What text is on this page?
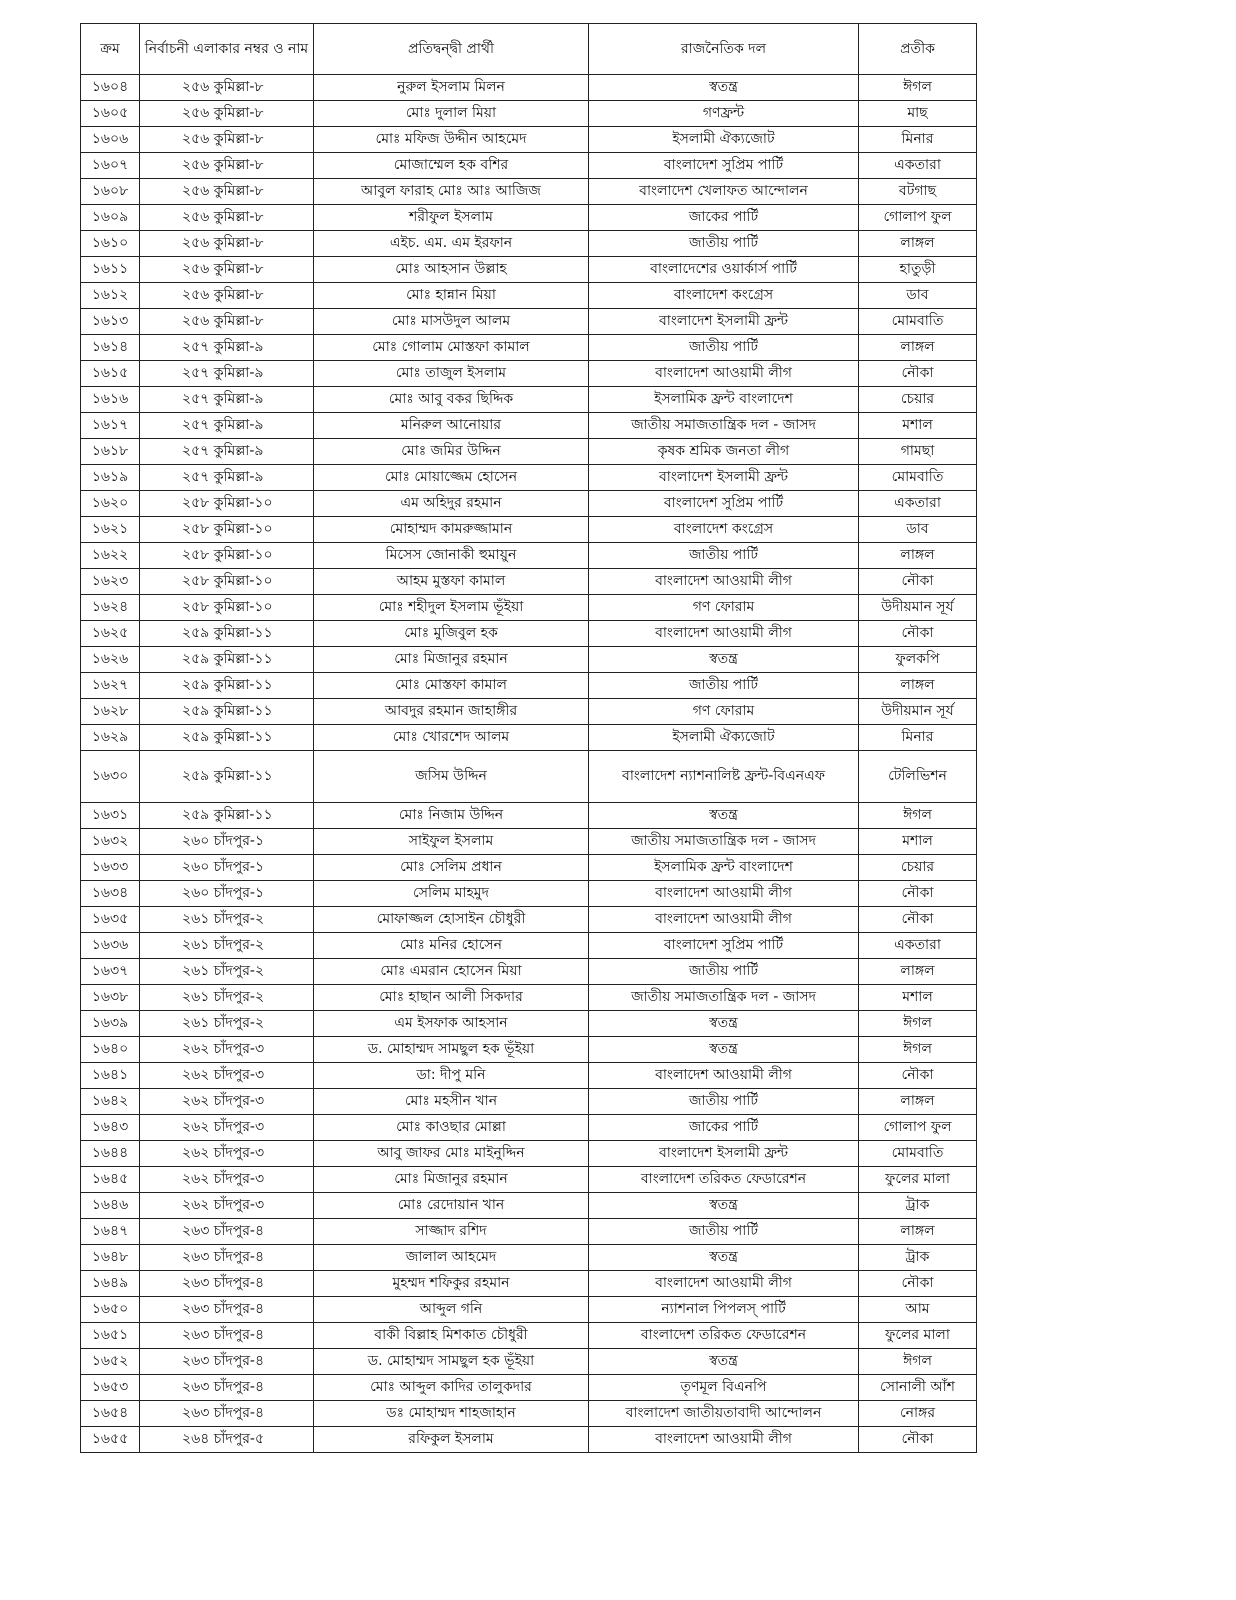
ক্রম	নির্বাচনী এলাকার নম্বর ও নাম	প্রতিদ্বন্দ্বী প্রার্থী	রাজনৈতিক দল	প্রতীক
১৬০৪	২৫৬ কুমিল্লা-৮	নুরুল ইসলাম মিলন	স্বতন্ত্র	ঈগল
১৬০৫	২৫৬ কুমিল্লা-৮	মোঃ দুলাল মিয়া	গণফ্রন্ট	মাছ
১৬০৬	২৫৬ কুমিল্লা-৮	মোঃ মফিজ উদ্দীন আহমেদ	ইসলামী ঐক্যজোট	মিনার
১৬০৭	২৫৬ কুমিল্লা-৮	মোজাম্মেল হক বশির	বাংলাদেশ সুপ্রিম পার্টি	একতারা
১৬০৮	২৫৬ কুমিল্লা-৮	আবুল ফারাহ মোঃ আঃ আজিজ	বাংলাদেশ খেলাফত আন্দোলন	বটগাছ
১৬০৯	২৫৬ কুমিল্লা-৮	শরীফুল ইসলাম	জাকের পার্টি	গোলাপ ফুল
১৬১০	২৫৬ কুমিল্লা-৮	এইচ. এম. এম ইরফান	জাতীয় পার্টি	লাঙ্গল
১৬১১	২৫৬ কুমিল্লা-৮	মোঃ আহসান উল্লাহ	বাংলাদেশের ওয়ার্কার্স পার্টি	হাতুড়ী
১৬১২	২৫৬ কুমিল্লা-৮	মোঃ হান্নান মিয়া	বাংলাদেশ কংগ্রেস	ডাব
১৬১৩	২৫৬ কুমিল্লা-৮	মোঃ মাসউদুল আলম	বাংলাদেশ ইসলামী ফ্রন্ট	মোমবাতি
১৬১৪	২৫৭ কুমিল্লা-৯	মোঃ গোলাম মোস্তফা কামাল	জাতীয় পার্টি	লাঙ্গল
১৬১৫	২৫৭ কুমিল্লা-৯	মোঃ তাজুল ইসলাম	বাংলাদেশ আওয়ামী লীগ	নৌকা
১৬১৬	২৫৭ কুমিল্লা-৯	মোঃ আবু বকর ছিদ্দিক	ইসলামিক ফ্রন্ট বাংলাদেশ	চেয়ার
১৬১৭	২৫৭ কুমিল্লা-৯	মনিরুল আনোয়ার	জাতীয় সমাজতান্ত্রিক দল - জাসদ	মশাল
১৬১৮	২৫৭ কুমিল্লা-৯	মোঃ জমির উদ্দিন	কৃষক শ্রমিক জনতা লীগ	গামছা
১৬১৯	২৫৭ কুমিল্লা-৯	মোঃ মোয়াজ্জেম হোসেন	বাংলাদেশ ইসলামী ফ্রন্ট	মোমবাতি
১৬২০	২৫৮ কুমিল্লা-১০	এম অহিদুর রহমান	বাংলাদেশ সুপ্রিম পার্টি	একতারা
১৬২১	২৫৮ কুমিল্লা-১০	মোহাম্মদ কামরুজ্জামান	বাংলাদেশ কংগ্রেস	ডাব
১৬২২	২৫৮ কুমিল্লা-১০	মিসেস জোনাকী হুমায়ুন	জাতীয় পার্টি	লাঙ্গল
১৬২৩	২৫৮ কুমিল্লা-১০	আহম মুস্তফা কামাল	বাংলাদেশ আওয়ামী লীগ	নৌকা
১৬২৪	২৫৮ কুমিল্লা-১০	মোঃ শহীদুল ইসলাম ভূঁইয়া	গণ ফোরাম	উদীয়মান সূর্য
১৬২৫	২৫৯ কুমিল্লা-১১	মোঃ মুজিবুল হক	বাংলাদেশ আওয়ামী লীগ	নৌকা
১৬২৬	২৫৯ কুমিল্লা-১১	মোঃ মিজানুর রহমান	স্বতন্ত্র	ফুলকপি
১৬২৭	২৫৯ কুমিল্লা-১১	মোঃ মোস্তফা কামাল	জাতীয় পার্টি	লাঙ্গল
১৬২৮	২৫৯ কুমিল্লা-১১	আবদুর রহমান জাহাঙ্গীর	গণ ফোরাম	উদীয়মান সূর্য
১৬২৯	২৫৯ কুমিল্লা-১১	মোঃ খোরশেদ আলম	ইসলামী ঐক্যজোট	মিনার
১৬৩০	২৫৯ কুমিল্লা-১১	জসিম উদ্দিন	বাংলাদেশ ন্যাশনালিষ্ট ফ্রন্ট-বিএনএফ	টেলিভিশন
১৬৩১	২৫৯ কুমিল্লা-১১	মোঃ নিজাম উদ্দিন	স্বতন্ত্র	ঈগল
১৬৩২	২৬০ চাঁদপুর-১	সাইফুল ইসলাম	জাতীয় সমাজতান্ত্রিক দল - জাসদ	মশাল
১৬৩৩	২৬০ চাঁদপুর-১	মোঃ সেলিম প্রধান	ইসলামিক ফ্রন্ট বাংলাদেশ	চেয়ার
১৬৩৪	২৬০ চাঁদপুর-১	সেলিম মাহমুদ	বাংলাদেশ আওয়ামী লীগ	নৌকা
১৬৩৫	২৬১ চাঁদপুর-২	মোফাজ্জল হোসাইন চৌধুরী	বাংলাদেশ আওয়ামী লীগ	নৌকা
১৬৩৬	২৬১ চাঁদপুর-২	মোঃ মনির হোসেন	বাংলাদেশ সুপ্রিম পার্টি	একতারা
১৬৩৭	২৬১ চাঁদপুর-২	মোঃ এমরান হোসেন মিয়া	জাতীয় পার্টি	লাঙ্গল
১৬৩৮	২৬১ চাঁদপুর-২	মোঃ হাছান আলী সিকদার	জাতীয় সমাজতান্ত্রিক দল - জাসদ	মশাল
১৬৩৯	২৬১ চাঁদপুর-২	এম ইসফাক আহসান	স্বতন্ত্র	ঈগল
১৬৪০	২৬২ চাঁদপুর-৩	ড. মোহাম্মদ সামছুল হক ভূঁইয়া	স্বতন্ত্র	ঈগল
১৬৪১	২৬২ চাঁদপুর-৩	ডা: দীপু মনি	বাংলাদেশ আওয়ামী লীগ	নৌকা
১৬৪২	২৬২ চাঁদপুর-৩	মোঃ মহসীন খান	জাতীয় পার্টি	লাঙ্গল
১৬৪৩	২৬২ চাঁদপুর-৩	মোঃ কাওছার মোল্লা	জাকের পার্টি	গোলাপ ফুল
১৬৪৪	২৬২ চাঁদপুর-৩	আবু জাফর মোঃ মাইনুদ্দিন	বাংলাদেশ ইসলামী ফ্রন্ট	মোমবাতি
১৬৪৫	২৬২ চাঁদপুর-৩	মোঃ মিজানুর রহমান	বাংলাদেশ তরিকত ফেডারেশন	ফুলের মালা
১৬৪৬	২৬২ চাঁদপুর-৩	মোঃ রেদোয়ান খান	স্বতন্ত্র	ট্রাক
১৬৪৭	২৬৩ চাঁদপুর-৪	সাজ্জাদ রশিদ	জাতীয় পার্টি	লাঙ্গল
১৬৪৮	২৬৩ চাঁদপুর-৪	জালাল আহমেদ	স্বতন্ত্র	ট্রাক
১৬৪৯	২৬৩ চাঁদপুর-৪	মুহম্মদ শফিকুর রহমান	বাংলাদেশ আওয়ামী লীগ	নৌকা
১৬৫০	২৬৩ চাঁদপুর-৪	আব্দুল গনি	ন্যাশনাল পিপলস্ পার্টি	আম
১৬৫১	২৬৩ চাঁদপুর-৪	বাকী বিল্লাহ মিশকাত চৌধুরী	বাংলাদেশ তরিকত ফেডারেশন	ফুলের মালা
১৬৫২	২৬৩ চাঁদপুর-৪	ড. মোহাম্মদ সামছুল হক ভূঁইয়া	স্বতন্ত্র	ঈগল
১৬৫৩	২৬৩ চাঁদপুর-৪	মোঃ আব্দুল কাদির তালুকদার	তৃণমূল বিএনপি	সোনালী আঁশ
১৬৫৪	২৬৩ চাঁদপুর-৪	ডঃ মোহাম্মদ শাহজাহান	বাংলাদেশ জাতীয়তাবাদী আন্দোলন	নোঙ্গর
১৬৫৫	২৬৪ চাঁদপুর-৫	রফিকুল ইসলাম	বাংলাদেশ আওয়ামী লীগ	নৌকা
